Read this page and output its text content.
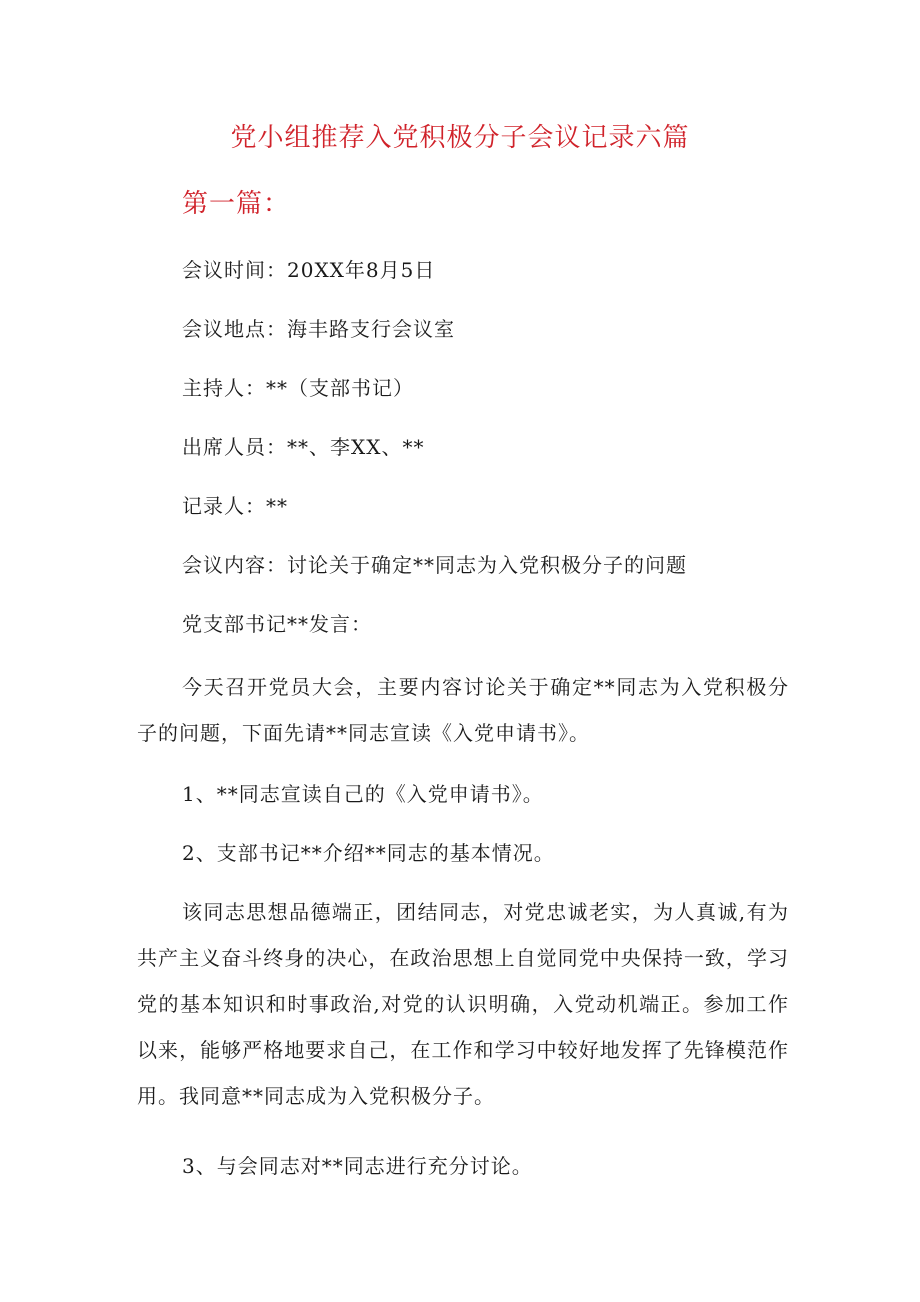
党小组推荐入党积极分子会议记录六篇
第一篇：
会议时间：20XX年8月5日
会议地点：海丰路支行会议室
主持人：**（支部书记）
出席人员：**、李XX、**
记录人：**
会议内容：讨论关于确定**同志为入党积极分子的问题
党支部书记**发言：
今天召开党员大会，主要内容讨论关于确定**同志为入党积极分子的问题，下面先请**同志宣读《入党申请书》。
1、**同志宣读自己的《入党申请书》。
2、支部书记**介绍**同志的基本情况。
该同志思想品德端正，团结同志，对党忠诚老实，为人真诚,有为共产主义奋斗终身的决心，在政治思想上自觉同党中央保持一致，学习党的基本知识和时事政治,对党的认识明确，入党动机端正。参加工作以来，能够严格地要求自己，在工作和学习中较好地发挥了先锋模范作用。我同意**同志成为入党积极分子。
3、与会同志对**同志进行充分讨论。
